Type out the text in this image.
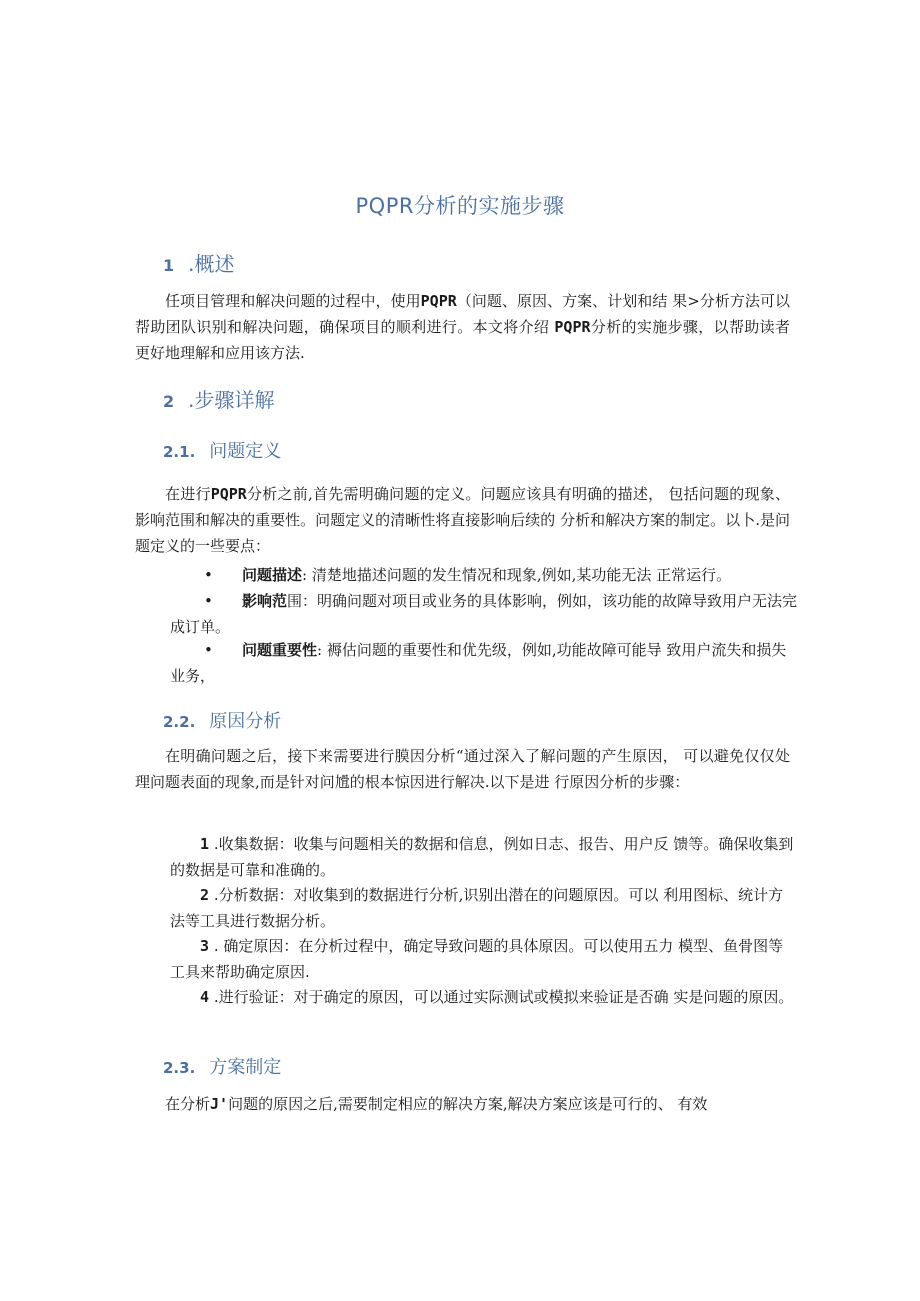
PQPR分析的实施步骤
1 .概述
任项目管理和解决问题的过程中，使用PQPR（问题、原因、方案、计划和结 果>分析方法可以帮助团队识别和解决问题，确保项目的顺利进行。本文将介绍 PQPR分析的实施步骤，以帮助读者更好地理解和应用该方法.
2 .步骤详解
2.1. 问题定义
在进行PQPR分析之前,首先需明确问题的定义。问题应该具有明确的描述， 包括问题的现象、影响范围和解决的重要性。问题定义的清晰性将直接影响后续的 分析和解决方案的制定。以卜.是问题定义的一些要点：
• 问题描述: 清楚地描述问题的发生情况和现象,例如,某功能无法 正常运行。
• 影响范围：明确问题对项目或业务的具体影响，例如，该功能的故障导致用户无法完成订单。
• 问题重要性: 褥估问题的重要性和优先级，例如,功能故障可能导 致用户流失和损失业务，
2.2. 原因分析
在明确问题之后，接下来需要进行膜因分析“通过深入了解问题的产生原因， 可以避免仅仅处理问题表面的现象,而是针对问尳的根本惊因进行解决.以下是进 行原因分析的步骤：
1 .收集数据：收集与问题相关的数据和信息，例如日志、报告、用户反 馈等。确保收集到的数据是可靠和准确的。
2 .分析数据：对收集到的数据进行分析,识别出潜在的问题原因。可以 利用图标、统计方法等工具进行数据分析。
3 . 确定原因：在分析过程中，确定导致问题的具体原因。可以使用五力 模型、鱼骨图等工具来帮助确定原因.
4 .进行验证：对于确定的原因，可以通过实际测试或模拟来验证是否确 实是问题的原因。
2.3. 方案制定
在分析J'问题的原因之后,需要制定相应的解决方案,解决方案应该是可行的、 有效
